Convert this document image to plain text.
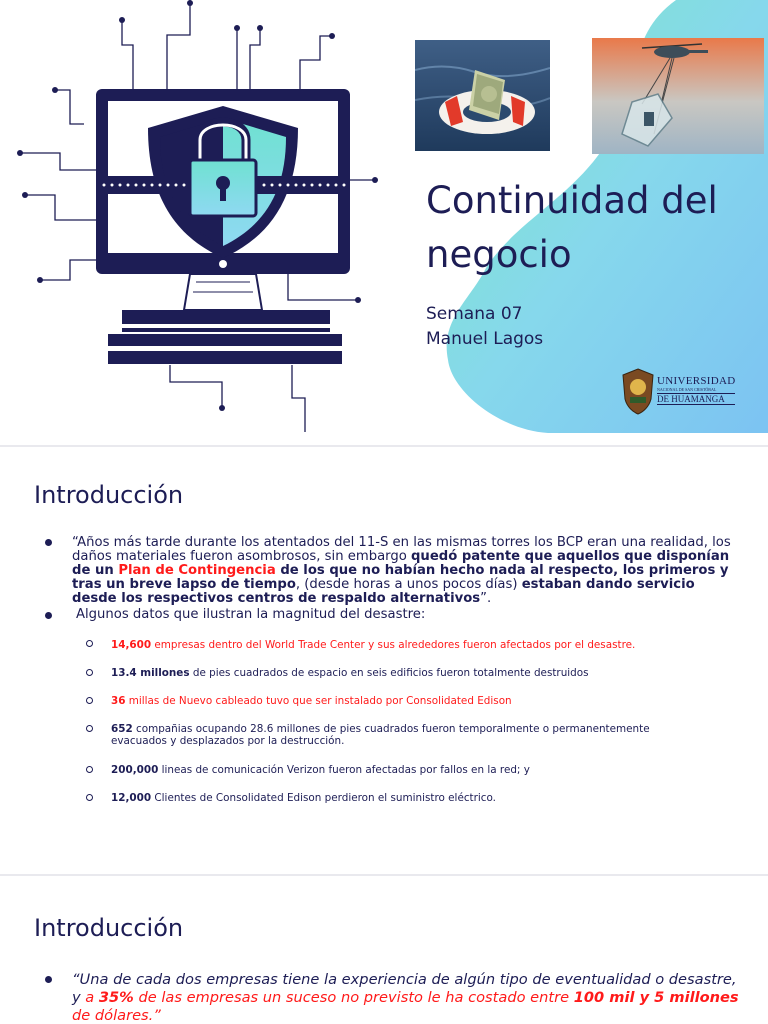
Continuidad del negocio
Semana 07
Manuel Lagos
UNIVERSIDAD
NACIONAL DE SAN CRISTÓBAL
DE HUAMANGA
Introducción
“Años más tarde durante los atentados del 11-S en las mismas torres los BCP eran una realidad, los daños materiales fueron asombrosos, sin embargo quedó patente que aquellos que disponían de un Plan de Contingencia de los que no habían hecho nada al respecto, los primeros y tras un breve lapso de tiempo, (desde horas a unos pocos días) estaban dando servicio desde los respectivos centros de respaldo alternativos”.
Algunos datos que ilustran la magnitud del desastre:
14,600 empresas dentro del World Trade Center y sus alrededores fueron afectados por el desastre.
13.4 millones de pies cuadrados de espacio en seis edificios fueron totalmente destruidos
36 millas de Nuevo cableado tuvo que ser instalado por Consolidated Edison
652 compañias ocupando 28.6 millones de pies cuadrados fueron temporalmente o permanentemente evacuados y desplazados por la destrucción.
200,000 lineas de comunicación Verizon fueron afectadas por fallos en la red; y
12,000 Clientes de Consolidated Edison perdieron el suministro eléctrico.
Introducción
“Una de cada dos empresas tiene la experiencia de algún tipo de eventualidad o desastre, y a 35% de las empresas un suceso no previsto le ha costado entre 100 mil y 5 millones de dólares.”
